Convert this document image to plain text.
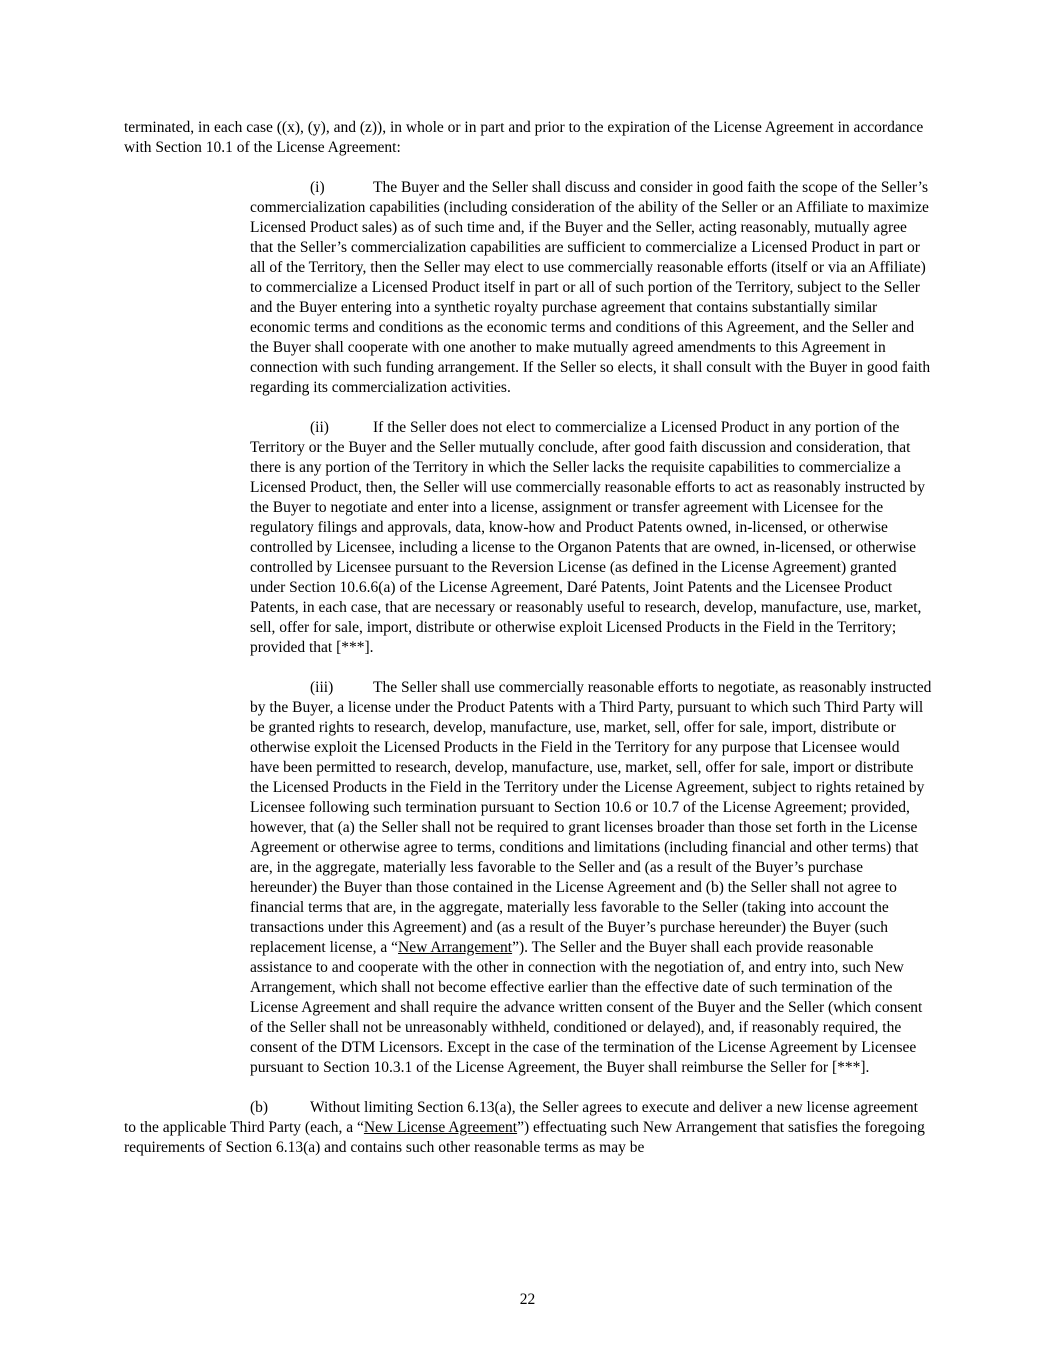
terminated, in each case ((x), (y), and (z)), in whole or in part and prior to the expiration of the License Agreement in accordance with Section 10.1 of the License Agreement:

(i)	The Buyer and the Seller shall discuss and consider in good faith the scope of the Seller’s commercialization capabilities (including consideration of the ability of the Seller or an Affiliate to maximize Licensed Product sales) as of such time and, if the Buyer and the Seller, acting reasonably, mutually agree that the Seller’s commercialization capabilities are sufficient to commercialize a Licensed Product in part or all of the Territory, then the Seller may elect to use commercially reasonable efforts (itself or via an Affiliate) to commercialize a Licensed Product itself in part or all of such portion of the Territory, subject to the Seller and the Buyer entering into a synthetic royalty purchase agreement that contains substantially similar economic terms and conditions as the economic terms and conditions of this Agreement, and the Seller and the Buyer shall cooperate with one another to make mutually agreed amendments to this Agreement in connection with such funding arrangement. If the Seller so elects, it shall consult with the Buyer in good faith regarding its commercialization activities.

(ii)	If the Seller does not elect to commercialize a Licensed Product in any portion of the Territory or the Buyer and the Seller mutually conclude, after good faith discussion and consideration, that there is any portion of the Territory in which the Seller lacks the requisite capabilities to commercialize a Licensed Product, then, the Seller will use commercially reasonable efforts to act as reasonably instructed by the Buyer to negotiate and enter into a license, assignment or transfer agreement with Licensee for the regulatory filings and approvals, data, know-how and Product Patents owned, in-licensed, or otherwise controlled by Licensee, including a license to the Organon Patents that are owned, in-licensed, or otherwise controlled by Licensee pursuant to the Reversion License (as defined in the License Agreement) granted under Section 10.6.6(a) of the License Agreement, Daré Patents, Joint Patents and the Licensee Product Patents, in each case, that are necessary or reasonably useful to research, develop, manufacture, use, market, sell, offer for sale, import, distribute or otherwise exploit Licensed Products in the Field in the Territory; provided that [***].

(iii)	The Seller shall use commercially reasonable efforts to negotiate, as reasonably instructed by the Buyer, a license under the Product Patents with a Third Party, pursuant to which such Third Party will be granted rights to research, develop, manufacture, use, market, sell, offer for sale, import, distribute or otherwise exploit the Licensed Products in the Field in the Territory for any purpose that Licensee would have been permitted to research, develop, manufacture, use, market, sell, offer for sale, import or distribute the Licensed Products in the Field in the Territory under the License Agreement, subject to rights retained by Licensee following such termination pursuant to Section 10.6 or 10.7 of the License Agreement; provided, however, that (a) the Seller shall not be required to grant licenses broader than those set forth in the License Agreement or otherwise agree to terms, conditions and limitations (including financial and other terms) that are, in the aggregate, materially less favorable to the Seller and (as a result of the Buyer’s purchase hereunder) the Buyer than those contained in the License Agreement and (b) the Seller shall not agree to financial terms that are, in the aggregate, materially less favorable to the Seller (taking into account the transactions under this Agreement) and (as a result of the Buyer’s purchase hereunder) the Buyer (such replacement license, a “New Arrangement”). The Seller and the Buyer shall each provide reasonable assistance to and cooperate with the other in connection with the negotiation of, and entry into, such New Arrangement, which shall not become effective earlier than the effective date of such termination of the License Agreement and shall require the advance written consent of the Buyer and the Seller (which consent of the Seller shall not be unreasonably withheld, conditioned or delayed), and, if reasonably required, the consent of the DTM Licensors. Except in the case of the termination of the License Agreement by Licensee pursuant to Section 10.3.1 of the License Agreement, the Buyer shall reimburse the Seller for [***].

(b)	Without limiting Section 6.13(a), the Seller agrees to execute and deliver a new license agreement to the applicable Third Party (each, a “New License Agreement”) effectuating such New Arrangement that satisfies the foregoing requirements of Section 6.13(a) and contains such other reasonable terms as may be

22
